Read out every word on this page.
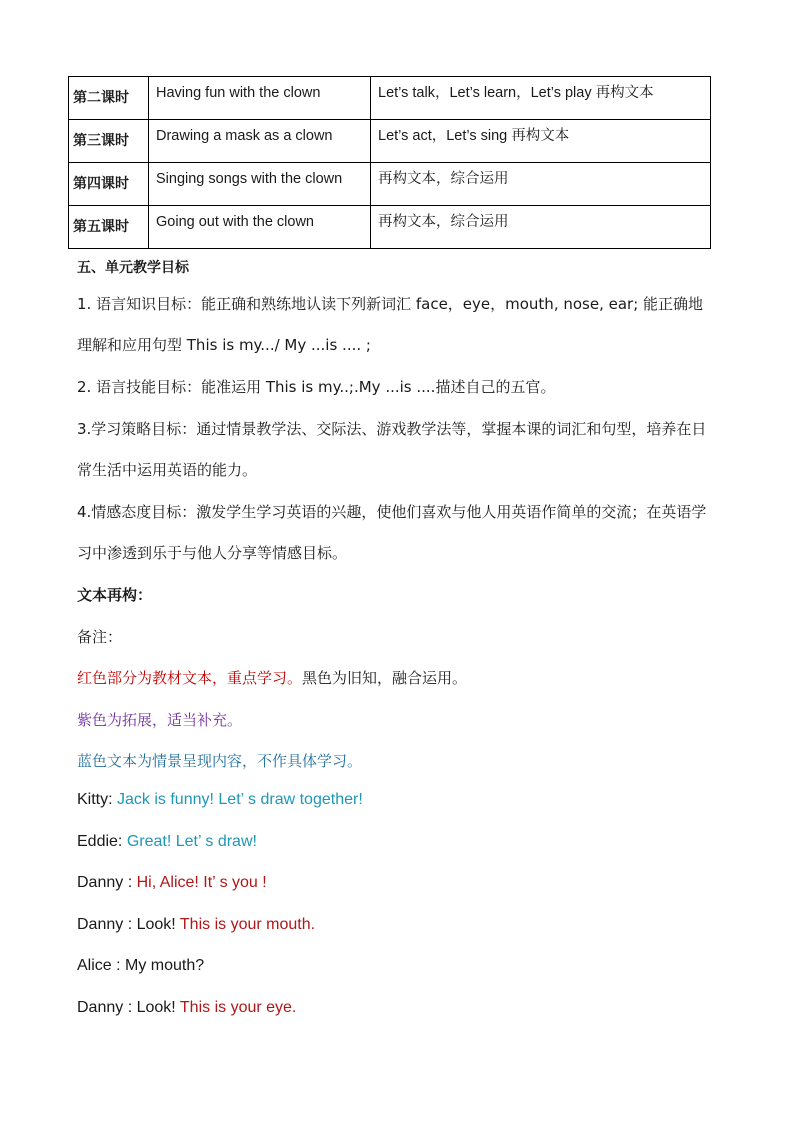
第二课时	Having fun with the clown	Let’s talk，Let’s learn，Let’s play 再构文本
第三课时	Drawing a mask as a clown	Let’s act，Let’s sing 再构文本
第四课时	Singing songs with the clown	再构文本，综合运用
第五课时	Going out with the clown	再构文本，综合运用
五、单元教学目标
1. 语言知识目标：能正确和熟练地认读下列新词汇 face，eye，mouth, nose, ear; 能正确地
理解和应用句型 This is my.../ My ...is .... ;
2. 语言技能目标：能准运用 This is my..;.My ...is ....描述自己的五官。
3.学习策略目标：通过情景教学法、交际法、游戏教学法等，掌握本课的词汇和句型，培养在日
常生活中运用英语的能力。
4.情感态度目标：激发学生学习英语的兴趣，使他们喜欢与他人用英语作简单的交流；在英语学
习中渗透到乐于与他人分享等情感目标。
文本再构：
备注：
红色部分为教材文本，重点学习。黑色为旧知，融合运用。
紫色为拓展，适当补充。
蓝色文本为情景呈现内容，不作具体学习。
Kitty: Jack is funny! Let’ s draw together!
Eddie: Great! Let’ s draw!
Danny : Hi, Alice! It’ s you !
Danny : Look! This is your mouth.
Alice : My mouth?
Danny : Look! This is your eye.
